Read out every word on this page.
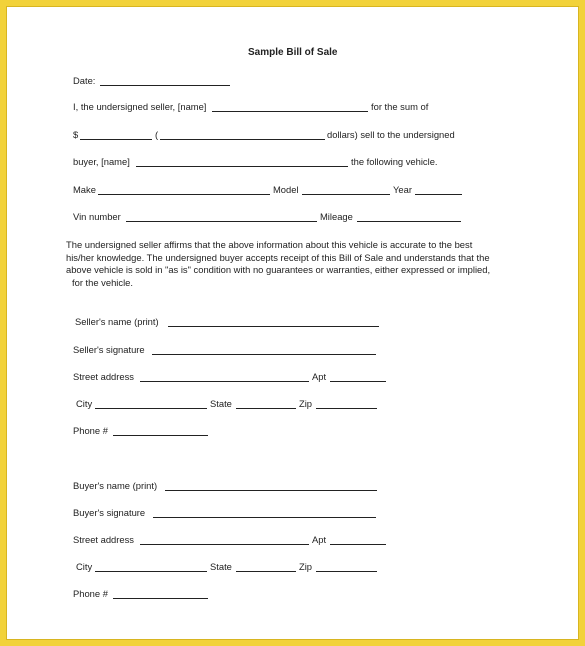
Sample Bill of Sale
Date:
I, the undersigned seller, [name]	for the sum of
$	(	dollars) sell to the undersigned
buyer, [name]	the following vehicle.
Make	Model	Year
Vin number	Mileage
The undersigned seller affirms that the above information about this vehicle is accurate to the best
his/her knowledge. The undersigned buyer accepts receipt of this Bill of Sale and understands that the
above vehicle is sold in "as is" condition with no guarantees or warranties, either expressed or implied,
for the vehicle.
Seller's name (print)
Seller's signature
Street address	Apt
City	State	Zip
Phone #
Buyer's name (print)
Buyer's signature
Street address	Apt
City	State	Zip
Phone #
